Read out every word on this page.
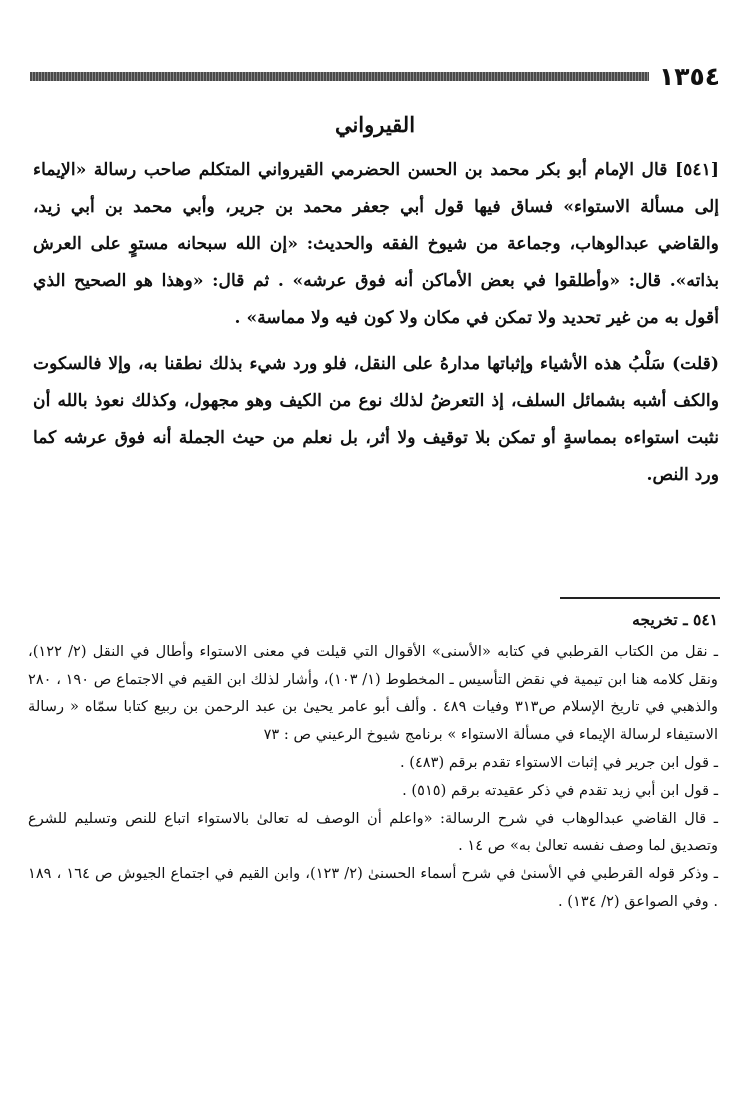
١٣٥٤
القيرواني

[٥٤١] قال الإمام أبو بكر محمد بن الحسن الحضرمي القيرواني المتكلم صاحب رسالة «الإيماء إلى مسألة الاستواء» فساق فيها قول أبي جعفر محمد بن جرير، وأبي محمد بن أبي زيد، والقاضي عبدالوهاب، وجماعة من شيوخ الفقه والحديث: «إن الله سبحانه مستوٍ على العرش بذاته». قال: «وأطلقوا في بعض الأماكن أنه فوق عرشه» . ثم قال: «وهذا هو الصحيح الذي أقول به من غير تحديد ولا تمكن في مكان ولا كون فيه ولا مماسة» .

(قلت) سَلْبُ هذه الأشياء وإثباتها مدارهُ على النقل، فلو ورد شيء بذلك نطقنا به، وإلا فالسكوت والكف أشبه بشمائل السلف، إذ التعرضُ لذلك نوع من الكيف وهو مجهول، وكذلك نعوذ بالله أن نثبت استواءه بمماسةٍ أو تمكن بلا توقيف ولا أثر، بل نعلم من حيث الجملة أنه فوق عرشه كما ورد النص.

٥٤١ ـ تخريجه

ـ نقل من الكتاب القرطبي في كتابه «الأسنى» الأقوال التي قيلت في معنى الاستواء وأطال في النقل (٢/ ١٢٢)، ونقل كلامه هنا ابن تيمية في نقض التأسيس ـ المخطوط (١/ ١٠٣)، وأشار لذلك ابن القيم في الاجتماع ص ١٩٠ ، ٢٨٠ والذهبي في تاريخ الإسلام ص٣١٣ وفيات ٤٨٩ . وألف أبو عامر يحيىٰ بن عبد الرحمن بن ربيع كتابا سمّاه « رسالة الاستيفاء لرسالة الإيماء في مسألة الاستواء » برنامج شيوخ الرعيني ص : ٧٣

ـ قول ابن جرير في إثبات الاستواء تقدم برقم (٤٨٣) .

ـ قول ابن أبي زيد تقدم في ذكر عقيدته برقم (٥١٥) .

ـ قال القاضي عبدالوهاب في شرح الرسالة: «واعلم أن الوصف له تعالىٰ بالاستواء اتباع للنص وتسليم للشرع وتصديق لما وصف نفسه تعالىٰ به» ص ١٤ .

ـ وذكر قوله القرطبي في الأسنىٰ في شرح أسماء الحسنىٰ (٢/ ١٢٣)، وابن القيم في اجتماع الجيوش ص ١٦٤ ، ١٨٩ . وفي الصواعق (٢/ ١٣٤) .
